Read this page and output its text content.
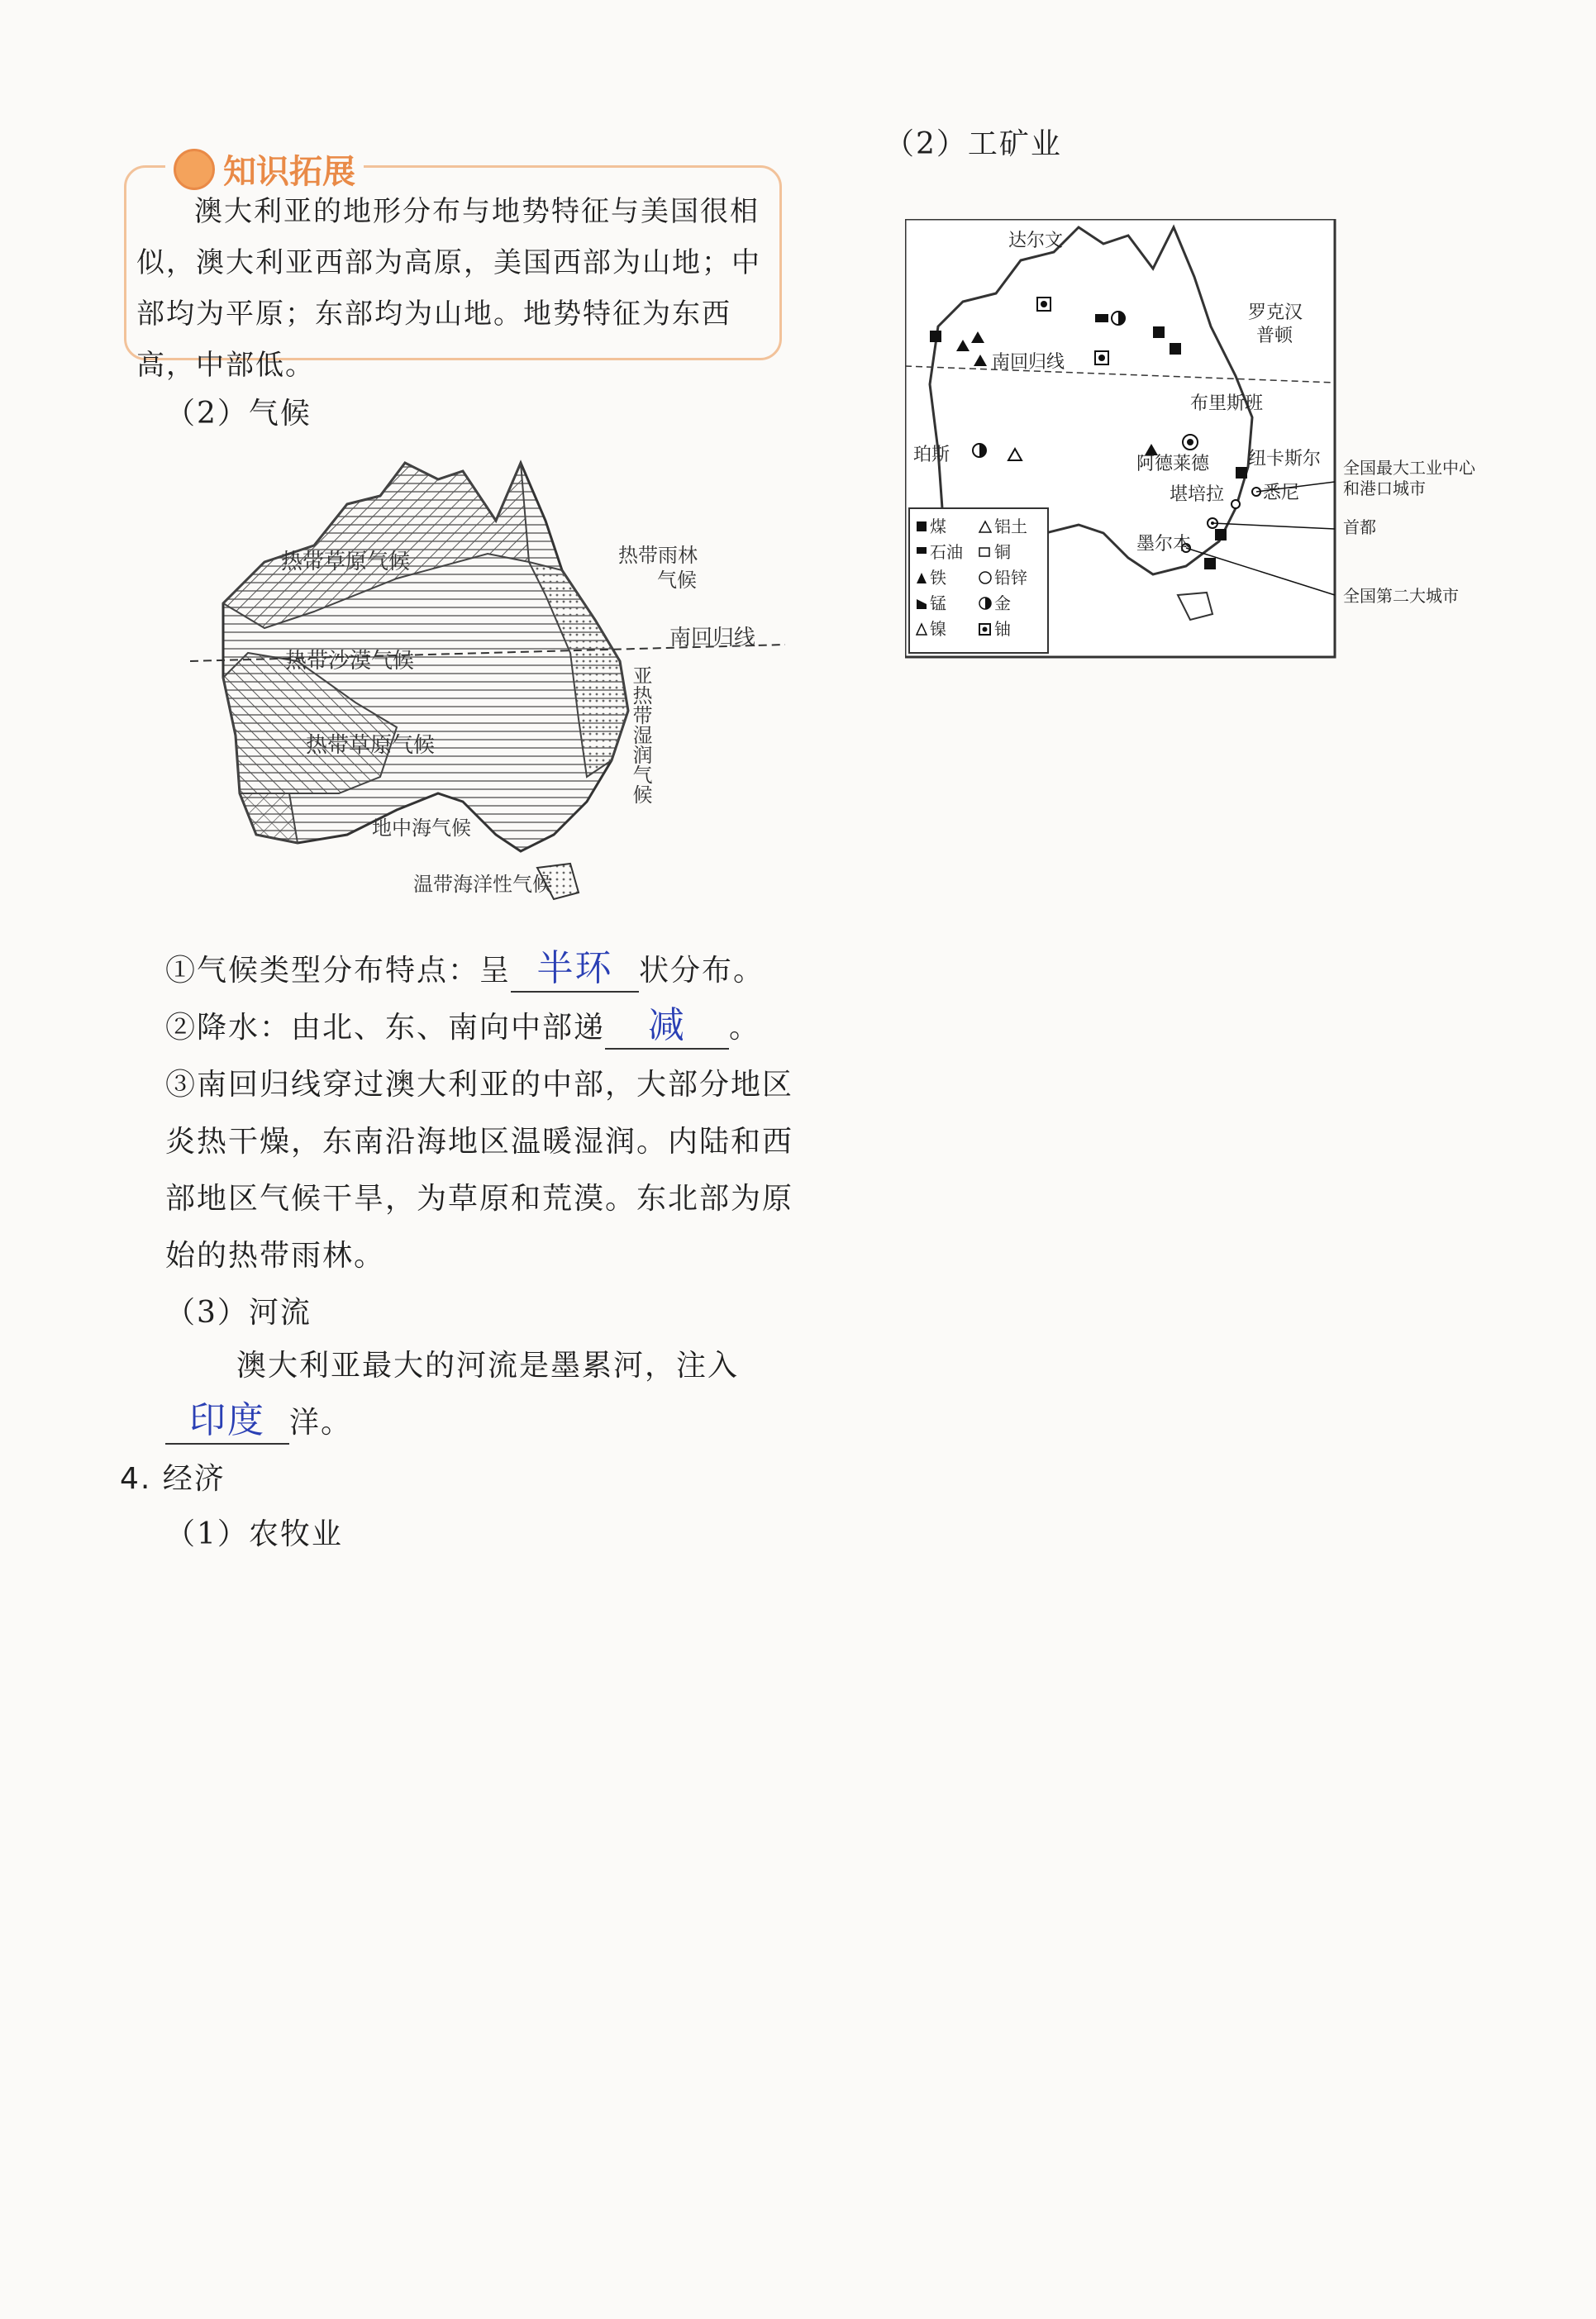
知识拓展
澳大利亚的地形分布与地势特征与美国很相似，澳大利亚西部为高原，美国西部为山地；中部均为平原；东部均为山地。地势特征为东西高，中部低。
（2）气候
热带草原气候	热带雨林
气候
热带沙漠气候
南回归线
热带草原气候
地中海气候
温带海洋性气候
亚热带湿润气候
①气候类型分布特点：呈 半环 状分布。
②降水：由北、东、南向中部递 减 。
③南回归线穿过澳大利亚的中部，大部分地区炎热干燥，东南沿海地区温暖湿润。内陆和西部地区气候干旱，为草原和荒漠。东北部为原始的热带雨林。
（3）河流
澳大利亚最大的河流是墨累河，注入印度 洋。
4. 经济
（1）农牧业
（2）工矿业
达尔文
罗克汉
普顿
南回归线
布里斯班
珀斯	阿德莱德 纽卡斯尔
堪培拉 悉尼
墨尔本
全国最大工业中心
和港口城市
首都
全国第二大城市
煤	铝土
石油 铜
铁	铅锌
锰	金
镍	铀
